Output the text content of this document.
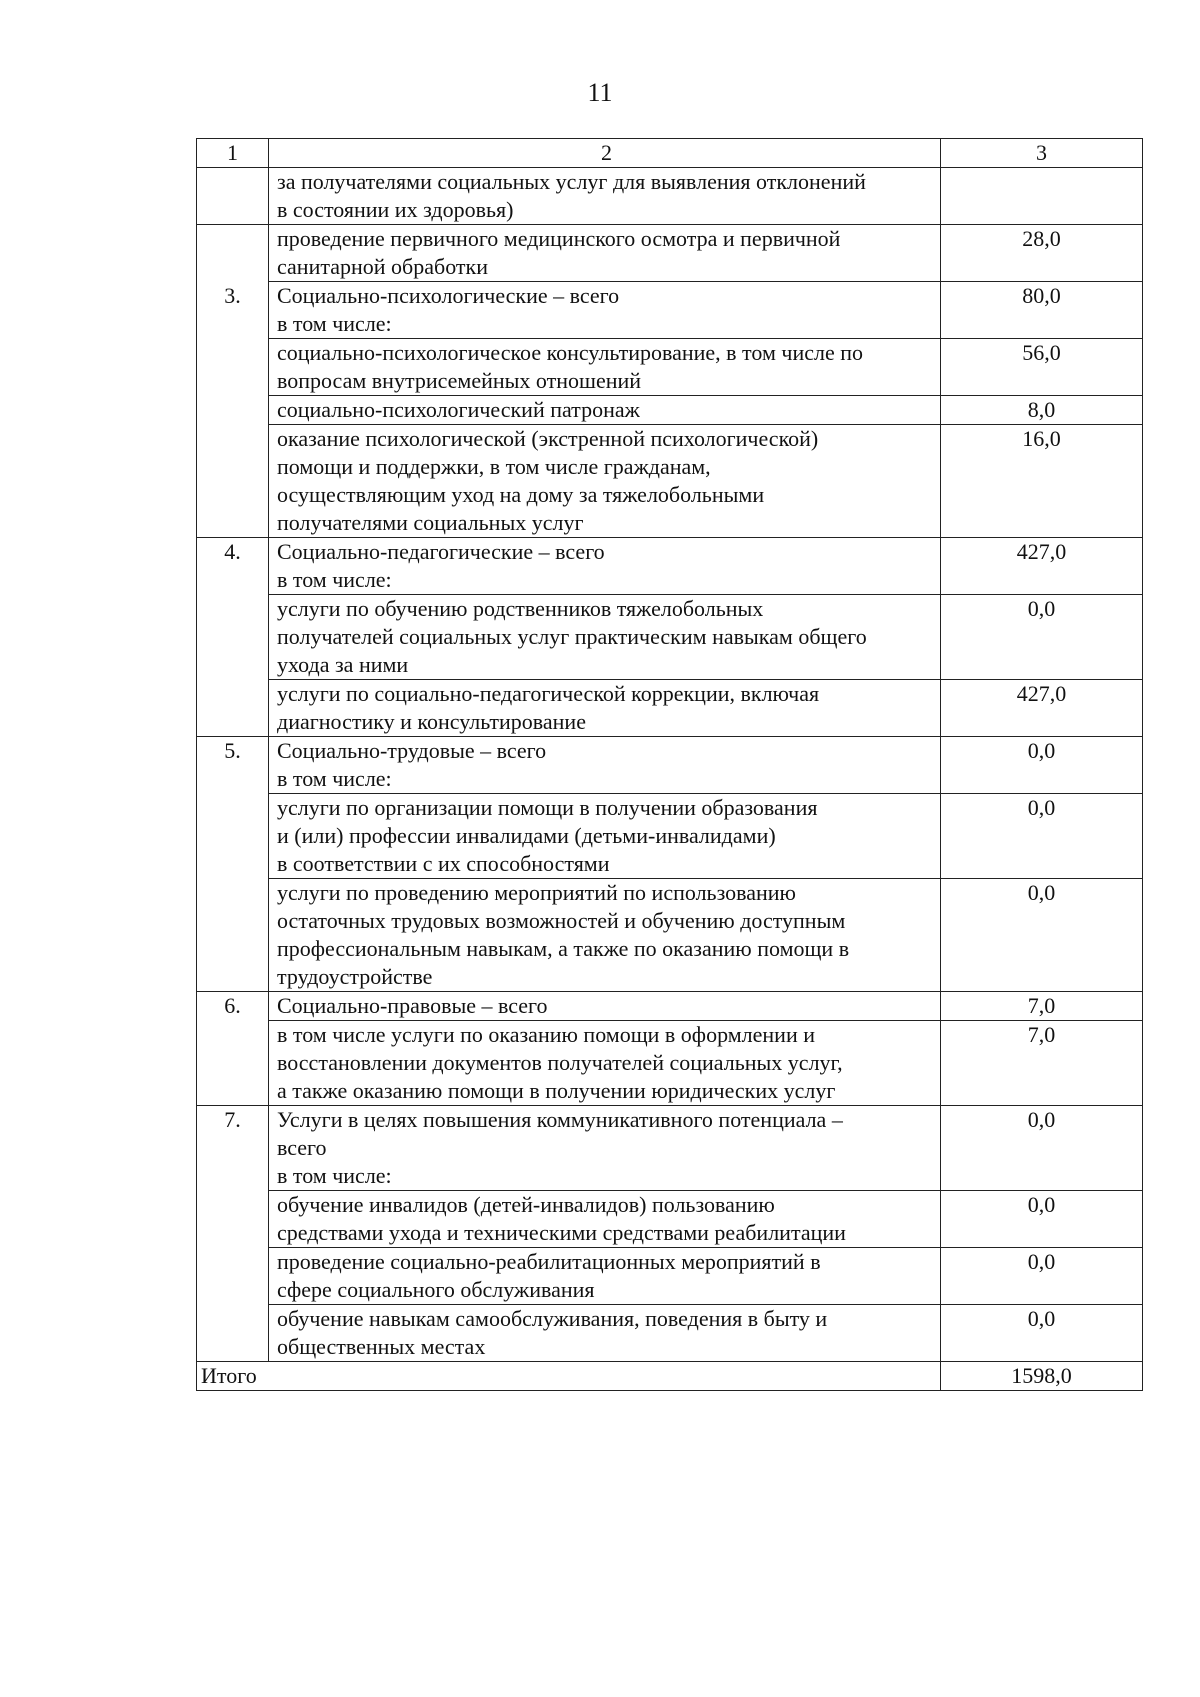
11
1	2	3
	за получателями социальных услуг для выявления отклонений
в состоянии их здоровья)	
	проведение первичного медицинского осмотра и первичной
санитарной обработки	28,0
3.	Социально-психологические – всего
в том числе:	80,0
	социально-психологическое консультирование, в том числе по
вопросам внутрисемейных отношений	56,0
	социально-психологический патронаж	8,0
	оказание психологической (экстренной психологической)
помощи и поддержки, в том числе гражданам,
осуществляющим уход на дому за тяжелобольными
получателями социальных услуг	16,0
4.	Социально-педагогические – всего
в том числе:	427,0
	услуги по обучению родственников тяжелобольных
получателей социальных услуг практическим навыкам общего
ухода за ними	0,0
	услуги по социально-педагогической коррекции, включая
диагностику и консультирование	427,0
5.	Социально-трудовые – всего
в том числе:	0,0
	услуги по организации помощи в получении образования
и (или) профессии инвалидами (детьми-инвалидами)
в соответствии с их способностями	0,0
	услуги по проведению мероприятий по использованию
остаточных трудовых возможностей и обучению доступным
профессиональным навыкам, а также по оказанию помощи в
трудоустройстве	0,0
6.	Социально-правовые – всего	7,0
	в том числе услуги по оказанию помощи в оформлении и
восстановлении документов получателей социальных услуг,
а также оказанию помощи в получении юридических услуг	7,0
7.	Услуги в целях повышения коммуникативного потенциала –
всего
в том числе:	0,0
	обучение инвалидов (детей-инвалидов) пользованию
средствами ухода и техническими средствами реабилитации	0,0
	проведение социально-реабилитационных мероприятий в
сфере социального обслуживания	0,0
	обучение навыкам самообслуживания, поведения в быту и
общественных местах	0,0
Итого		1598,0
